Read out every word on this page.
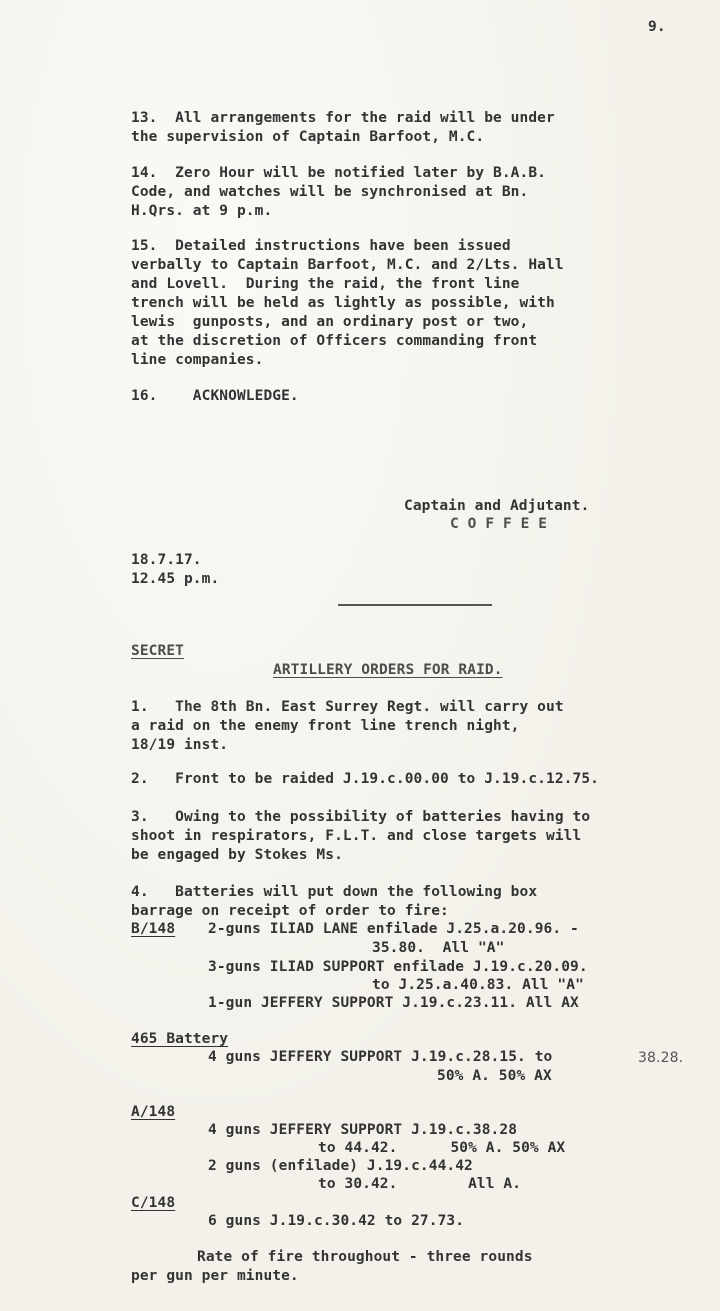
9.
13.  All arrangements for the raid will be under
the supervision of Captain Barfoot, M.C.
14.  Zero Hour will be notified later by B.A.B.
Code, and watches will be synchronised at Bn.
H.Qrs. at 9 p.m.
15.  Detailed instructions have been issued
verbally to Captain Barfoot, M.C. and 2/Lts. Hall
and Lovell.  During the raid, the front line
trench will be held as lightly as possible, with
lewis  gunposts, and an ordinary post or two,
at the discretion of Officers commanding front
line companies.
16.    ACKNOWLEDGE.
Captain and Adjutant.
C O F F E E
18.7.17.
12.45 p.m.
SECRET
ARTILLERY ORDERS FOR RAID.
1.   The 8th Bn. East Surrey Regt. will carry out
a raid on the enemy front line trench night,
18/19 inst.
2.   Front to be raided J.19.c.00.00 to J.19.c.12.75.
3.   Owing to the possibility of batteries having to
shoot in respirators, F.L.T. and close targets will
be engaged by Stokes Ms.
4.   Batteries will put down the following box
barrage on receipt of order to fire:
B/148 2-guns ILIAD LANE enfilade J.25.a.20.96. -
35.80.  All "A"
3-guns ILIAD SUPPORT enfilade J.19.c.20.09.
to J.25.a.40.83. All "A"
1-gun JEFFERY SUPPORT J.19.c.23.11. All AX
465 Battery
4 guns JEFFERY SUPPORT J.19.c.28.15. to	38.28.
50% A. 50% AX
A/148
4 guns JEFFERY SUPPORT J.19.c.38.28
to 44.42.      50% A. 50% AX
2 guns (enfilade) J.19.c.44.42
to 30.42.        All A.
C/148
6 guns J.19.c.30.42 to 27.73.
Rate of fire throughout - three rounds
per gun per minute.
